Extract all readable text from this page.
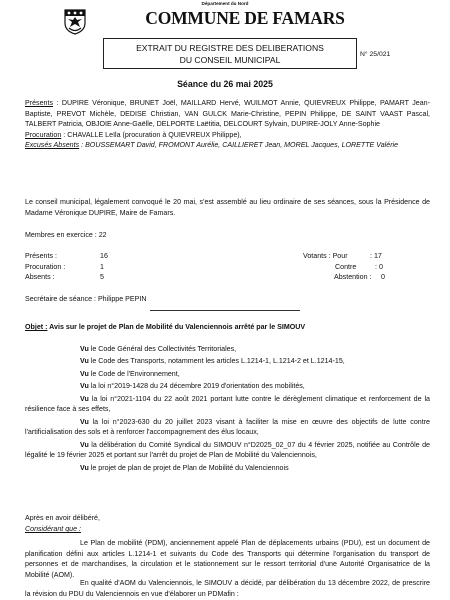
Département du Nord
COMMUNE DE FAMARS
EXTRAIT DU REGISTRE DES DELIBERATIONS
DU CONSEIL MUNICIPAL
N° 25/021
Séance du 26 mai 2025

Présents : DUPIRE Véronique, BRUNET Joël, MAILLARD Hervé, WUILMOT Annie, QUIEVREUX Philippe, PAMART Jean-Baptiste, PREVOT Michèle, DEDISE Christian, VAN GULCK Marie-Christine, PEPIN Philippe, DE SAINT VAAST Pascal, TALBERT Patricia, OBJOIE Anne-Gaëlle, DELPORTE Laëtitia, DELCOURT Sylvain, DUPIRE-JOLY Anne-Sophie

Procuration : CHAVALLE Leïla (procuration à QUIEVREUX Philippe),

Excusés Absents : BOUSSEMART David, FROMONT Aurélie, CAILLIERET Jean, MOREL Jacques, LORETTE Valérie

Le conseil municipal, légalement convoqué le 20 mai, s'est assemblé au lieu ordinaire de ses séances, sous la Présidence de Madame Véronique DUPIRE, Maire de Famars.
Membres en exercice : 22
Présents :	16
Procuration :	1
Absents :	5
Votants : Pour	: 17
Contre	: 0
Abstention : 0
Secrétaire de séance : Philippe PEPIN
Objet : Avis sur le projet de Plan de Mobilité du Valenciennois arrêté par le SIMOUV

Vu le Code Général des Collectivités Territoriales,

Vu le Code des Transports, notamment les articles L.1214-1, L.1214-2 et L.1214-15,

Vu le Code de l'Environnement,

Vu la loi n°2019-1428 du 24 décembre 2019 d'orientation des mobilités,

Vu la loi n°2021-1104 du 22 août 2021 portant lutte contre le dérèglement climatique et renforcement de la résilience face à ses effets,

Vu la loi n°2023-630 du 20 juillet 2023 visant à faciliter la mise en œuvre des objectifs de lutte contre l'artificialisation des sols et à renforcer l'accompagnement des élus locaux,

Vu la délibération du Comité Syndical du SIMOUV n°D2025_02_07 du 4 février 2025, notifiée au Contrôle de légalité le 19 février 2025 et portant sur l'arrêt du projet de Plan de Mobilité du Valenciennois,

Vu le projet de plan de projet de Plan de Mobilité du Valenciennois

Après en avoir délibéré,
Considérant que :
Le Plan de mobilité (PDM), anciennement appelé Plan de déplacements urbains (PDU), est un document de planification défini aux articles L.1214-1 et suivants du Code des Transports qui détermine l'organisation du transport de personnes et de marchandises, la circulation et le stationnement sur le ressort territorial d'une Autorité Organisatrice de la Mobilité (AOM).
En qualité d'AOM du Valenciennois, le SIMOUV a décidé, par délibération du 13 décembre 2022, de prescrire la révision du PDU du Valenciennois en vue d'élaborer un PDMafin :
